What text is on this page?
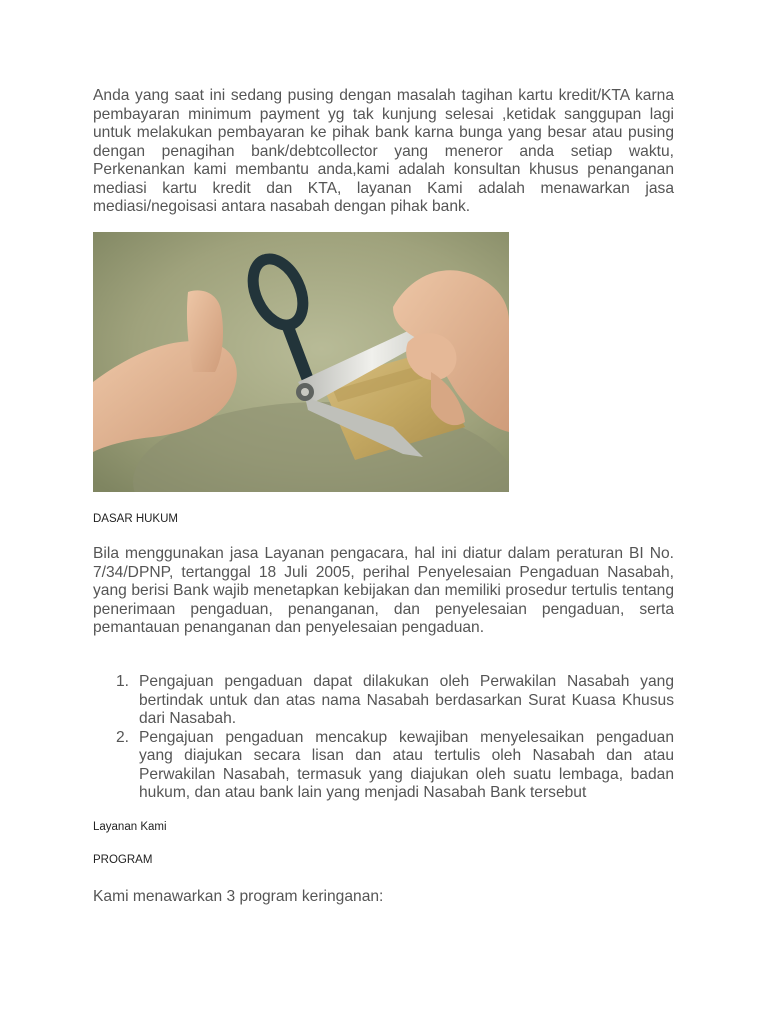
Anda yang saat ini sedang pusing dengan masalah tagihan kartu kredit/KTA karna pembayaran minimum payment yg tak kunjung selesai ,ketidak sanggupan lagi untuk melakukan pembayaran ke pihak bank karna bunga yang besar atau pusing dengan penagihan bank/debtcollector yang meneror anda setiap waktu, Perkenankan kami membantu anda,kami adalah konsultan khusus penanganan mediasi kartu kredit dan KTA, layanan Kami adalah menawarkan jasa mediasi/negoisasi antara nasabah dengan pihak bank.

DASAR HUKUM

Bila menggunakan jasa Layanan pengacara, hal ini diatur dalam peraturan BI No. 7/34/DPNP, tertanggal 18 Juli 2005, perihal Penyelesaian Pengaduan Nasabah, yang berisi Bank wajib menetapkan kebijakan dan memiliki prosedur tertulis tentang penerimaan pengaduan, penanganan, dan penyelesaian pengaduan, serta pemantauan penanganan dan penyelesaian pengaduan.

1. Pengajuan pengaduan dapat dilakukan oleh Perwakilan Nasabah yang bertindak untuk dan atas nama Nasabah berdasarkan Surat Kuasa Khusus dari Nasabah.
2. Pengajuan pengaduan mencakup kewajiban menyelesaikan pengaduan yang diajukan secara lisan dan atau tertulis oleh Nasabah dan atau Perwakilan Nasabah, termasuk yang diajukan oleh suatu lembaga, badan hukum, dan atau bank lain yang menjadi Nasabah Bank tersebut

Layanan Kami

PROGRAM

Kami menawarkan 3 program keringanan:
